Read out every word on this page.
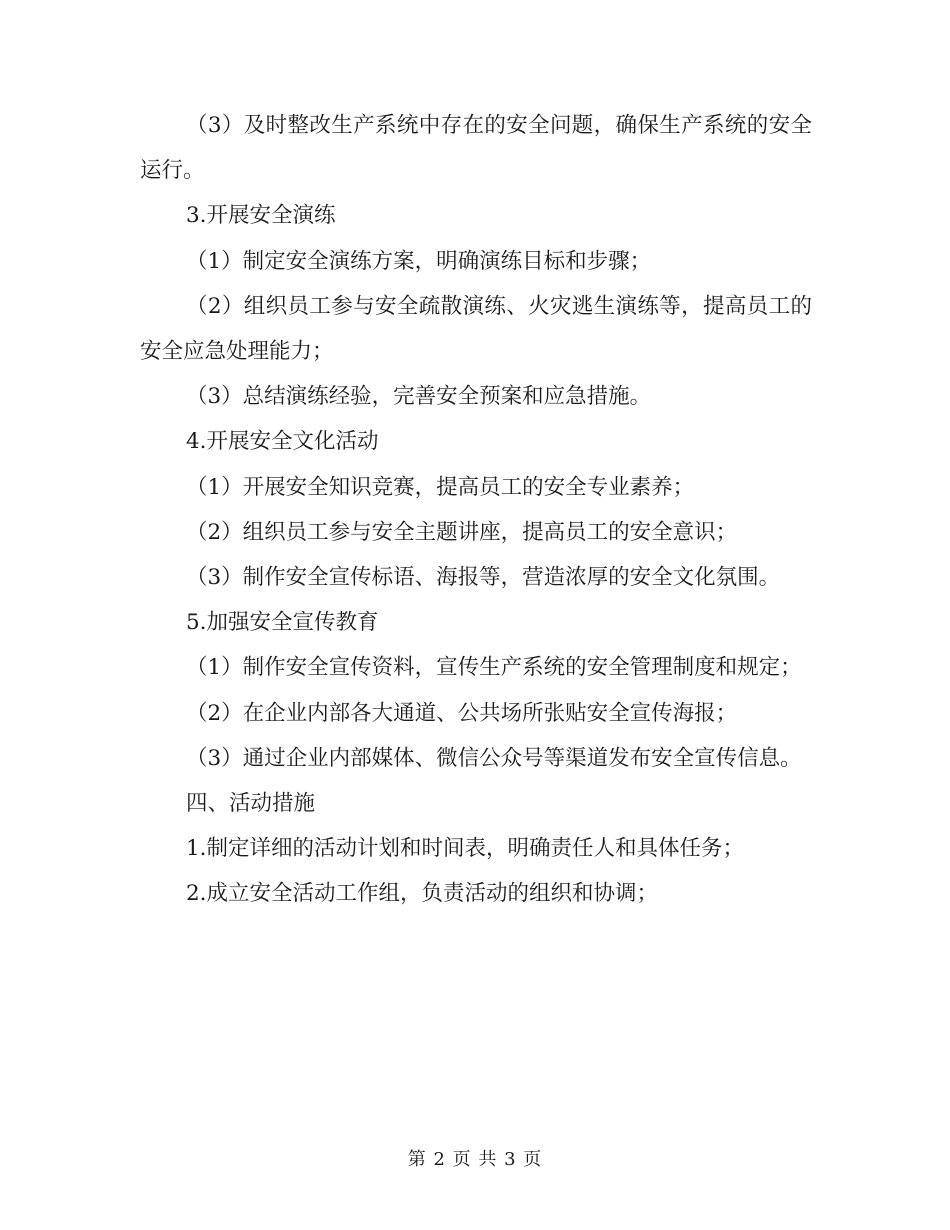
（3）及时整改生产系统中存在的安全问题，确保生产系统的安全运行。

3.开展安全演练

（1）制定安全演练方案，明确演练目标和步骤；

（2）组织员工参与安全疏散演练、火灾逃生演练等，提高员工的安全应急处理能力；

（3）总结演练经验，完善安全预案和应急措施。

4.开展安全文化活动

（1）开展安全知识竞赛，提高员工的安全专业素养；

（2）组织员工参与安全主题讲座，提高员工的安全意识；

（3）制作安全宣传标语、海报等，营造浓厚的安全文化氛围。

5.加强安全宣传教育

（1）制作安全宣传资料，宣传生产系统的安全管理制度和规定；

（2）在企业内部各大通道、公共场所张贴安全宣传海报；

（3）通过企业内部媒体、微信公众号等渠道发布安全宣传信息。

四、活动措施

1.制定详细的活动计划和时间表，明确责任人和具体任务；

2.成立安全活动工作组，负责活动的组织和协调；

第 2 页 共 3 页
